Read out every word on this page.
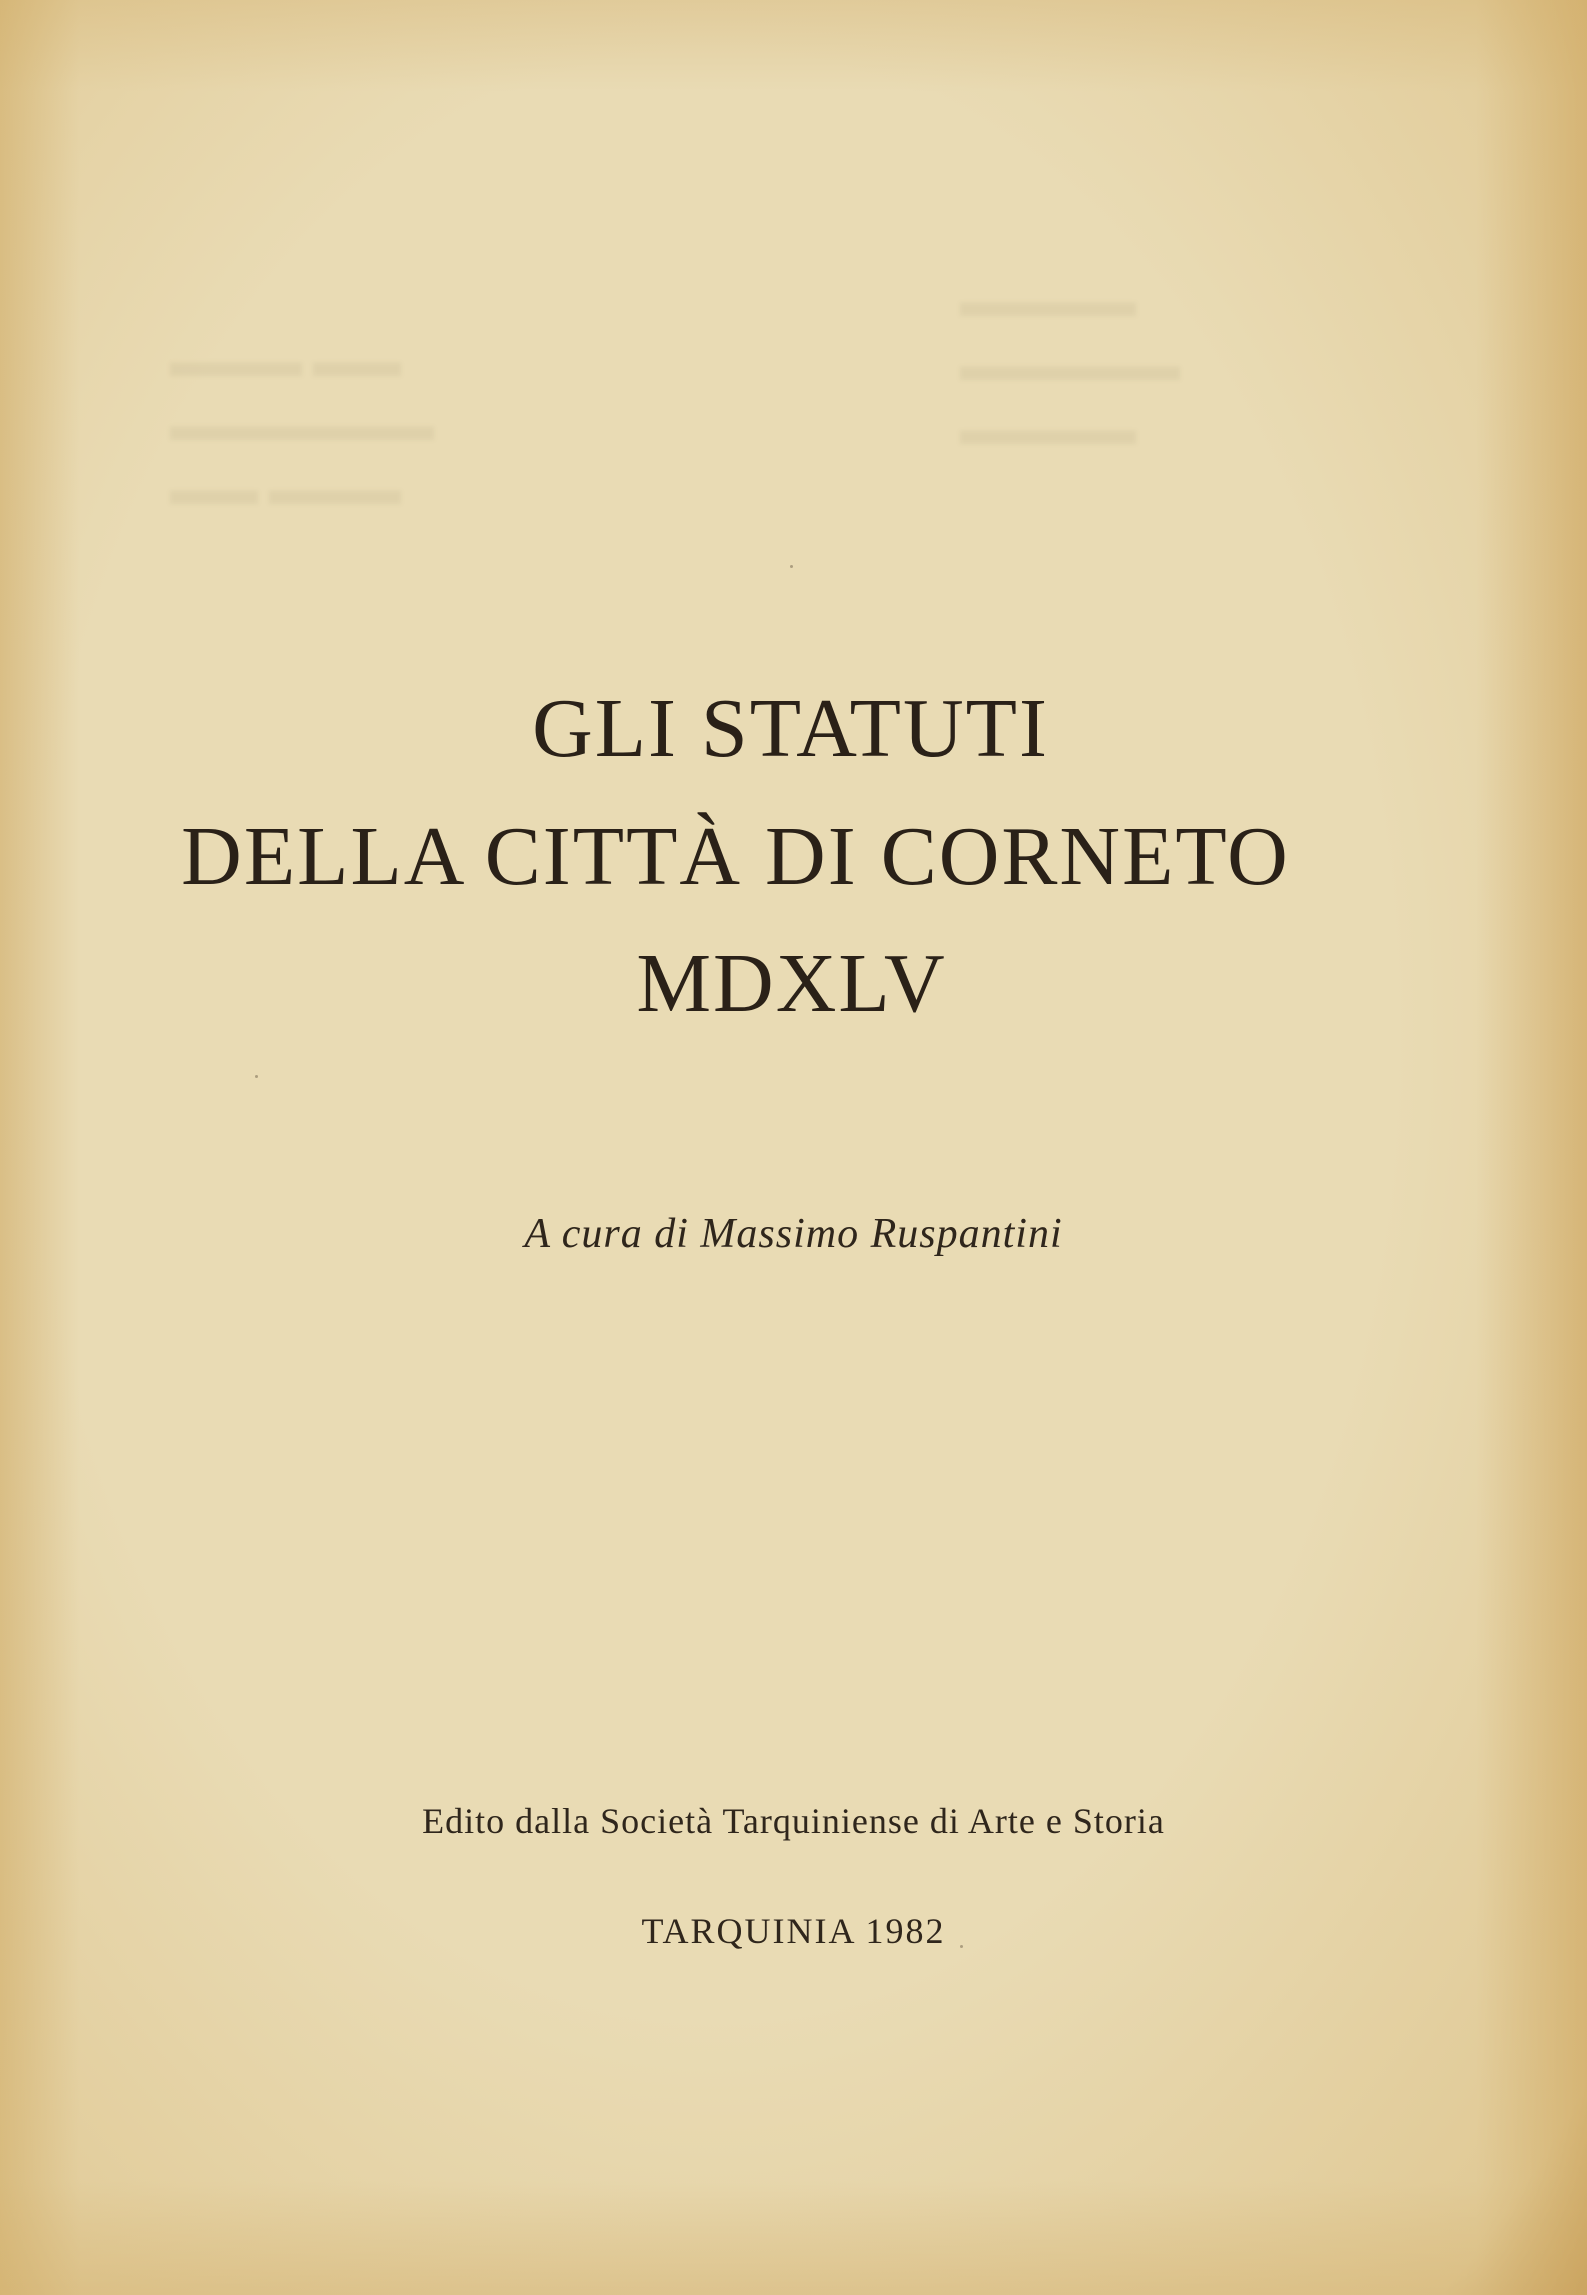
▬▬▬ ▬▬
▬▬▬▬▬▬
▬▬ ▬▬▬
▬▬▬▬
▬▬▬▬▬
▬▬▬▬
GLI STATUTI
DELLA CITTÀ DI CORNETO
MDXLV
A cura di Massimo Ruspantini
Edito dalla Società Tarquiniense di Arte e Storia
TARQUINIA 1982
